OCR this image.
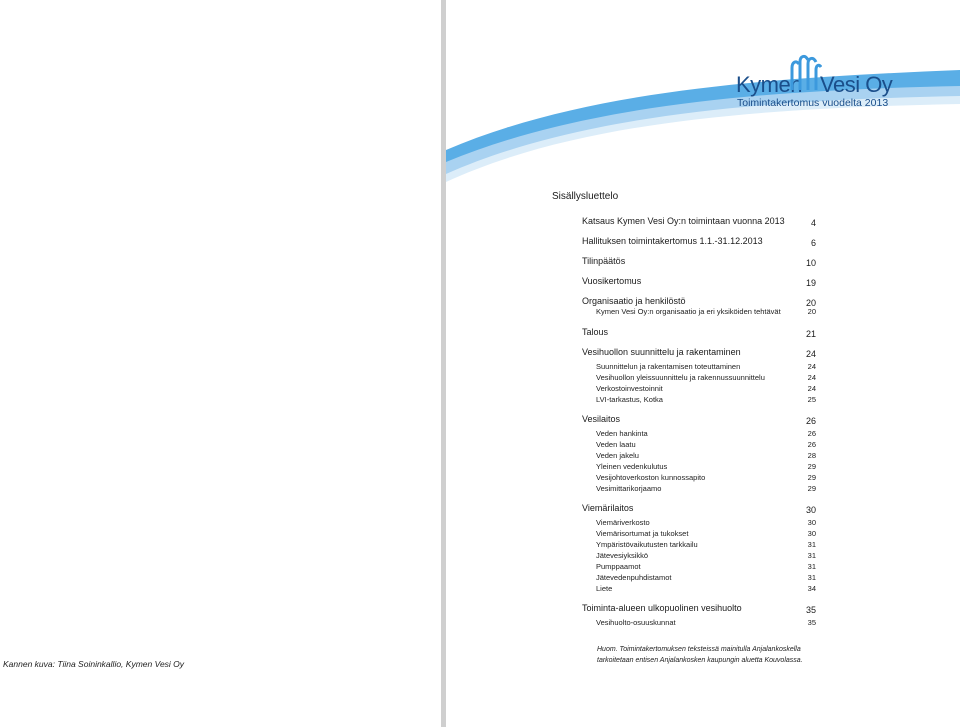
Kannen kuva: Tiina Soininkallio, Kymen Vesi Oy
Kymen Vesi Oy
Toimintakertomus vuodelta 2013
Sisällysluettelo
Katsaus Kymen Vesi Oy:n toimintaan vuonna 2013	4
Hallituksen toimintakertomus 1.1.-31.12.2013	6
Tilinpäätös	10
Vuosikertomus	19
Organisaatio ja henkilöstö	20
Kymen Vesi Oy:n organisaatio ja eri yksiköiden tehtävät	20
Talous	21
Vesihuollon suunnittelu ja rakentaminen	24
Suunnittelun ja rakentamisen toteuttaminen	24
Vesihuollon yleissuunnittelu ja rakennussuunnittelu	24
Verkostoinvestoinnit	24
LVI-tarkastus, Kotka	25
Vesilaitos	26
Veden hankinta	26
Veden laatu	26
Veden jakelu	28
Yleinen vedenkulutus	29
Vesijohtoverkoston kunnossapito	29
Vesimittarikorjaamo	29
Viemärilaitos	30
Viemäriverkosto	30
Viemärisortumat ja tukokset	30
Ympäristövaikutusten tarkkailu	31
Jätevesiyksikkö	31
Pumppaamot	31
Jätevedenpuhdistamot	31
Liete	34
Toiminta-alueen ulkopuolinen vesihuolto	35
Vesihuolto-osuuskunnat	35
Huom. Toimintakertomuksen teksteissä mainitulla Anjalankoskella
tarkoitetaan entisen Anjalankosken kaupungin aluetta Kouvolassa.
